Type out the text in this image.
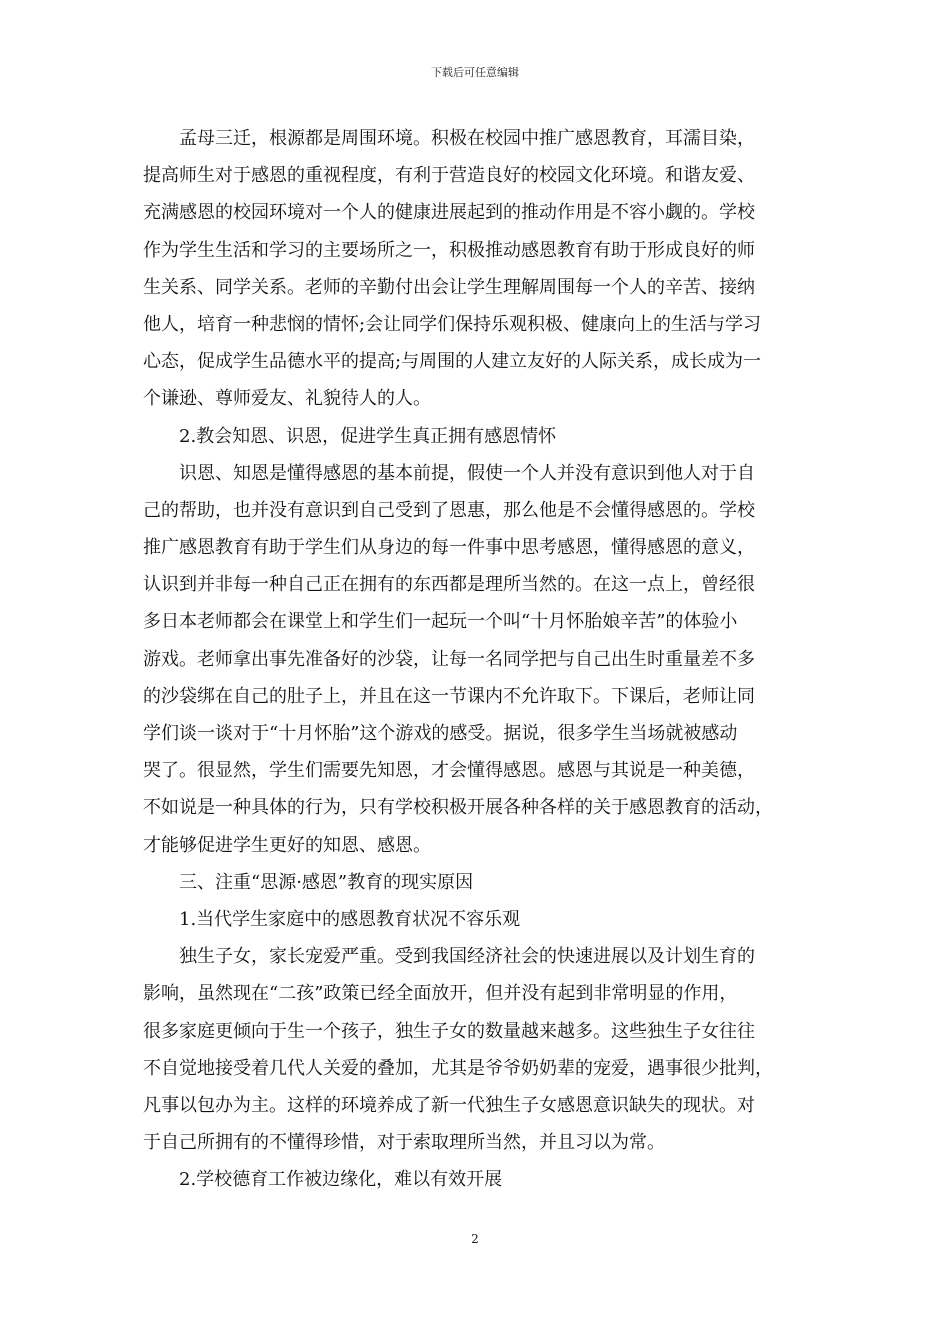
下载后可任意编辑
孟母三迁，根源都是周围环境。积极在校园中推广感恩教育，耳濡目染，
提高师生对于感恩的重视程度，有利于营造良好的校园文化环境。和谐友爱、
充满感恩的校园环境对一个人的健康进展起到的推动作用是不容小觑的。学校
作为学生生活和学习的主要场所之一，积极推动感恩教育有助于形成良好的师
生关系、同学关系。老师的辛勤付出会让学生理解周围每一个人的辛苦、接纳
他人，培育一种悲悯的情怀;会让同学们保持乐观积极、健康向上的生活与学习
心态，促成学生品德水平的提高;与周围的人建立友好的人际关系，成长成为一
个谦逊、尊师爱友、礼貌待人的人。
2.教会知恩、识恩，促进学生真正拥有感恩情怀
识恩、知恩是懂得感恩的基本前提，假使一个人并没有意识到他人对于自
己的帮助，也并没有意识到自己受到了恩惠，那么他是不会懂得感恩的。学校
推广感恩教育有助于学生们从身边的每一件事中思考感恩，懂得感恩的意义，
认识到并非每一种自己正在拥有的东西都是理所当然的。在这一点上，曾经很
多日本老师都会在课堂上和学生们一起玩一个叫“十月怀胎娘辛苦”的体验小
游戏。老师拿出事先准备好的沙袋，让每一名同学把与自己出生时重量差不多
的沙袋绑在自己的肚子上，并且在这一节课内不允许取下。下课后，老师让同
学们谈一谈对于“十月怀胎”这个游戏的感受。据说，很多学生当场就被感动
哭了。很显然，学生们需要先知恩，才会懂得感恩。感恩与其说是一种美德，
不如说是一种具体的行为，只有学校积极开展各种各样的关于感恩教育的活动，
才能够促进学生更好的知恩、感恩。
三、注重“思源·感恩”教育的现实原因
1.当代学生家庭中的感恩教育状况不容乐观
独生子女，家长宠爱严重。受到我国经济社会的快速进展以及计划生育的
影响，虽然现在“二孩”政策已经全面放开，但并没有起到非常明显的作用，
很多家庭更倾向于生一个孩子，独生子女的数量越来越多。这些独生子女往往
不自觉地接受着几代人关爱的叠加，尤其是爷爷奶奶辈的宠爱，遇事很少批判，
凡事以包办为主。这样的环境养成了新一代独生子女感恩意识缺失的现状。对
于自己所拥有的不懂得珍惜，对于索取理所当然，并且习以为常。
2.学校德育工作被边缘化，难以有效开展
2
